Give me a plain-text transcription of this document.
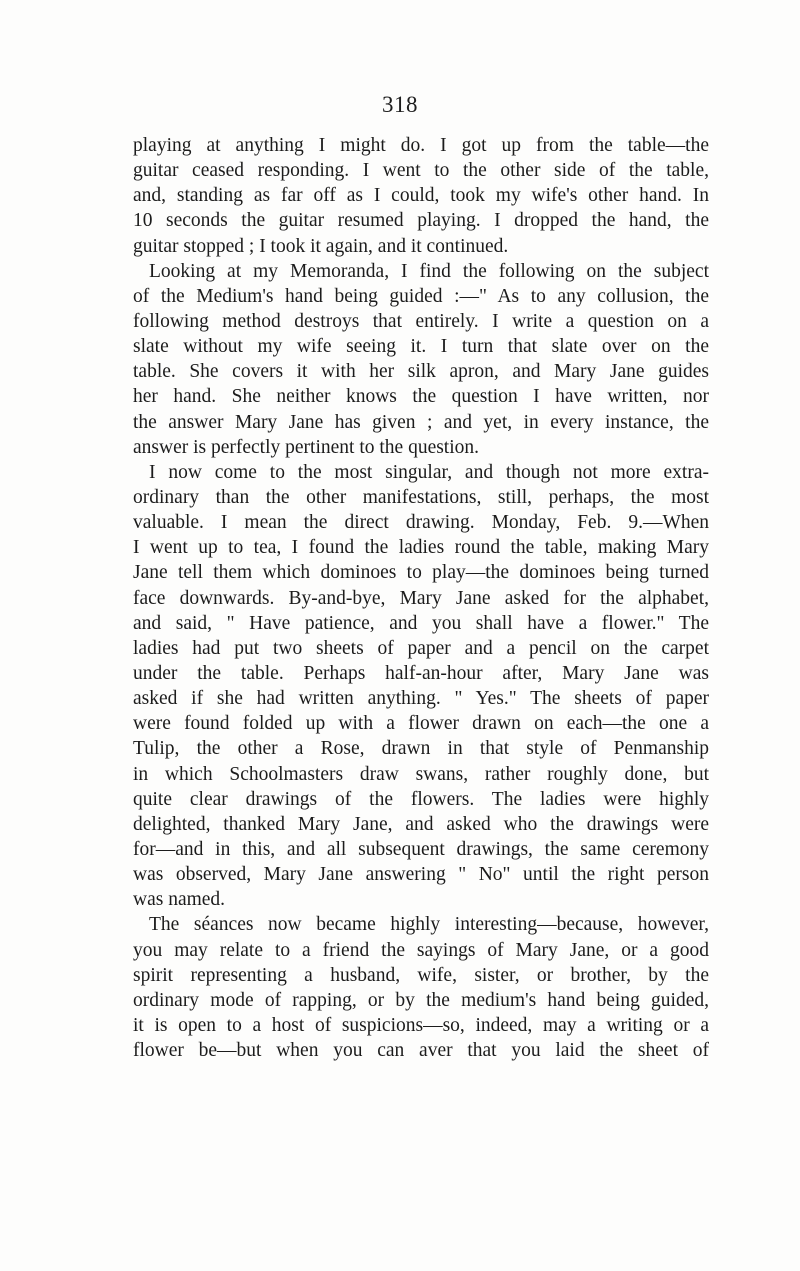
318
playing at anything I might do. I got up from the table—the
guitar ceased responding. I went to the other side of the table,
and, standing as far off as I could, took my wife's other hand. In
10 seconds the guitar resumed playing. I dropped the hand, the
guitar stopped ; I took it again, and it continued.
Looking at my Memoranda, I find the following on the subject
of the Medium's hand being guided :—" As to any collusion, the
following method destroys that entirely. I write a question on a
slate without my wife seeing it. I turn that slate over on the
table. She covers it with her silk apron, and Mary Jane guides
her hand. She neither knows the question I have written, nor
the answer Mary Jane has given ; and yet, in every instance, the
answer is perfectly pertinent to the question.
I now come to the most singular, and though not more extra-
ordinary than the other manifestations, still, perhaps, the most
valuable. I mean the direct drawing. Monday, Feb. 9.—When
I went up to tea, I found the ladies round the table, making Mary
Jane tell them which dominoes to play—the dominoes being turned
face downwards. By-and-bye, Mary Jane asked for the alphabet,
and said, " Have patience, and you shall have a flower." The
ladies had put two sheets of paper and a pencil on the carpet
under the table. Perhaps half-an-hour after, Mary Jane was
asked if she had written anything. " Yes." The sheets of paper
were found folded up with a flower drawn on each—the one a
Tulip, the other a Rose, drawn in that style of Penmanship
in which Schoolmasters draw swans, rather roughly done, but
quite clear drawings of the flowers. The ladies were highly
delighted, thanked Mary Jane, and asked who the drawings were
for—and in this, and all subsequent drawings, the same ceremony
was observed, Mary Jane answering " No" until the right person
was named.
The séances now became highly interesting—because, however,
you may relate to a friend the sayings of Mary Jane, or a good
spirit representing a husband, wife, sister, or brother, by the
ordinary mode of rapping, or by the medium's hand being guided,
it is open to a host of suspicions—so, indeed, may a writing or a
flower be—but when you can aver that you laid the sheet of
